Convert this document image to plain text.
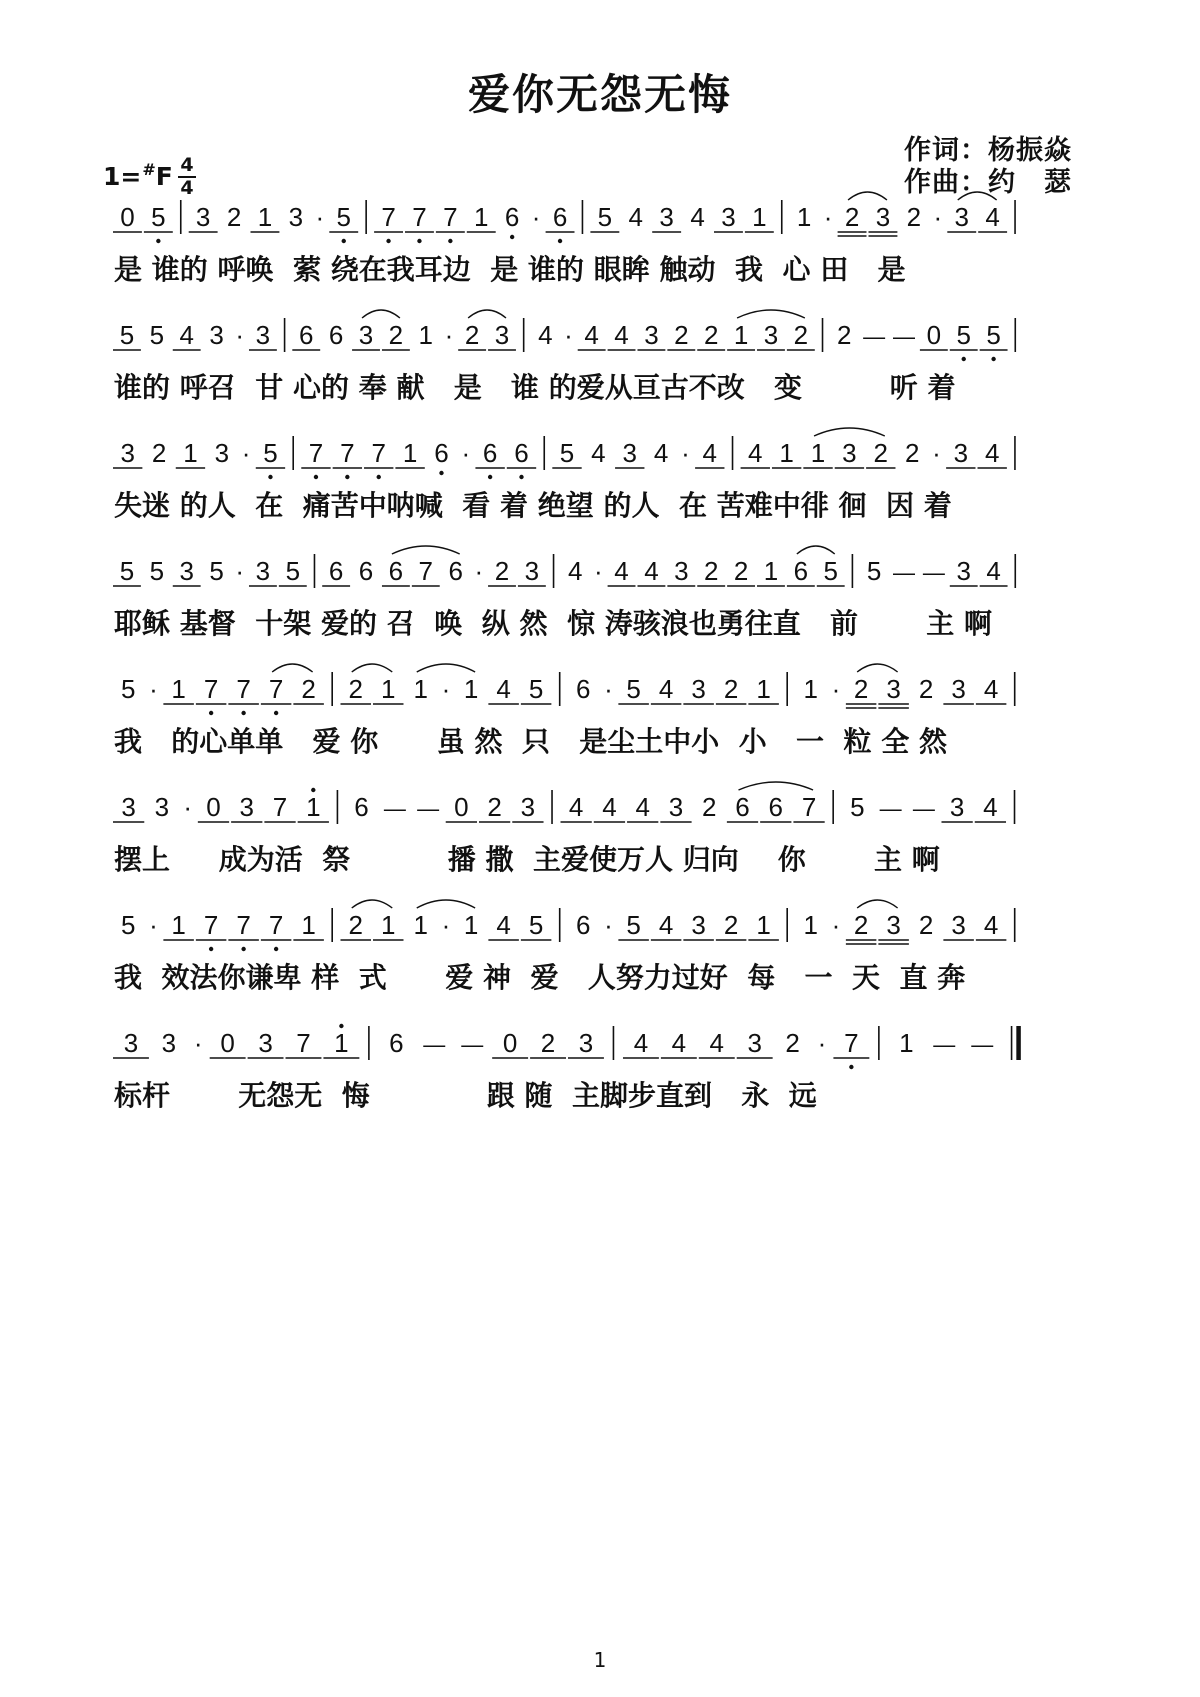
爱你无怨无悔
作词：杨振焱
作曲：约　瑟
1=#F 4
4
0 5 3 2 1 3 · 5 7 7 7 1 6 · 6 5 4 3 4 3 1 1 · 2 3 2 · 3 4
5 5 4 3 · 3 6 6 3 2 1 · 2 3 4 · 4 4 3 2 2 1 3 2 2 — — 0 5 5
3 2 1 3 · 5 7 7 7 1 6 · 6 6 5 4 3 4 · 4 4 1 1 3 2 2 · 3 4
5 5 3 5 · 3 5 6 6 6 7 6 · 2 3 4 · 4 4 3 2 2 1 6 5 5 — — 3 4
5 · 1 7 7 7 2 2 1 1 · 1 4 5 6 · 5 4 3 2 1 1 · 2 3 2 3 4
3 3 · 0 3 7 1 6 — — 0 2 3 4 4 4 3 2 6 6 7 5 — — 3 4
5 · 1 7 7 7 1 2 1 1 · 1 4 5 6 · 5 4 3 2 1 1 · 2 3 2 3 4
3 3 · 0 3 7 1 6 — — 0 2 3 4 4 4 3 2 · 7 1 — —
是 谁的 呼唤  萦 绕在我耳边  是 谁的 眼眸 触动  我  心 田   是
谁的 呼召  甘 心的 奉 献   是   谁 的爱从亘古不改   变         听 着
失迷 的人  在  痛苦中呐喊  看 着 绝望 的人  在 苦难中徘 徊  因 着
耶稣 基督  十架 爱的 召  唤  纵 然  惊 涛骇浪也勇往直   前       主 啊
我   的心单单   爱 你      虽 然  只   是尘土中小  小   一  粒 全 然
摆上     成为活  祭          播 撒  主爱使万人 归向    你       主 啊
我  效法你谦卑 样  式      爱 神  爱   人努力过好  每   一  天  直 奔
标杆       无怨无  悔            跟 随  主脚步直到   永  远
1
